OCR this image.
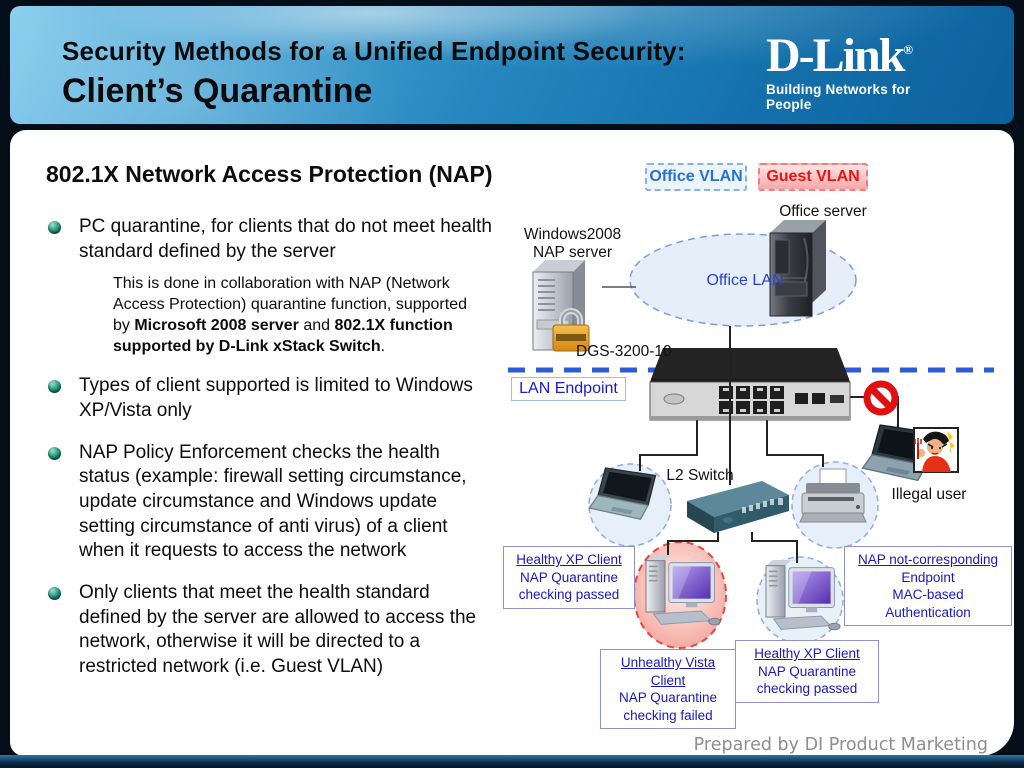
Security Methods for a Unified Endpoint Security:
Client’s Quarantine
D-Link®
Building Networks for People
802.1X Network Access Protection (NAP)
PC quarantine, for clients that do not meet health standard defined by the server
This is done in collaboration with NAP (Network Access Protection) quarantine function, supported by Microsoft 2008 server and 802.1X function supported by D-Link xStack Switch.
Types of client supported is limited to Windows XP/Vista only
NAP Policy Enforcement checks the health status (example: firewall setting circumstance, update circumstance and Windows update setting circumstance of anti virus) of a client when it requests to access the network
Only clients that meet the health standard defined by the server are allowed to access the network, otherwise it will be directed to a restricted network (i.e. Guest VLAN)
Office VLAN	Guest VLAN
Office server
Windows2008
NAP server
Office LAN
DGS-3200-10
LAN Endpoint
L2 Switch
Illegal user
Healthy XP Client
NAP Quarantine
checking passed
NAP not-corresponding
Endpoint
MAC-based
Authentication
Unhealthy Vista Client
NAP Quarantine
checking failed
Healthy XP Client
NAP Quarantine
checking passed
Prepared by DI Product Marketing
